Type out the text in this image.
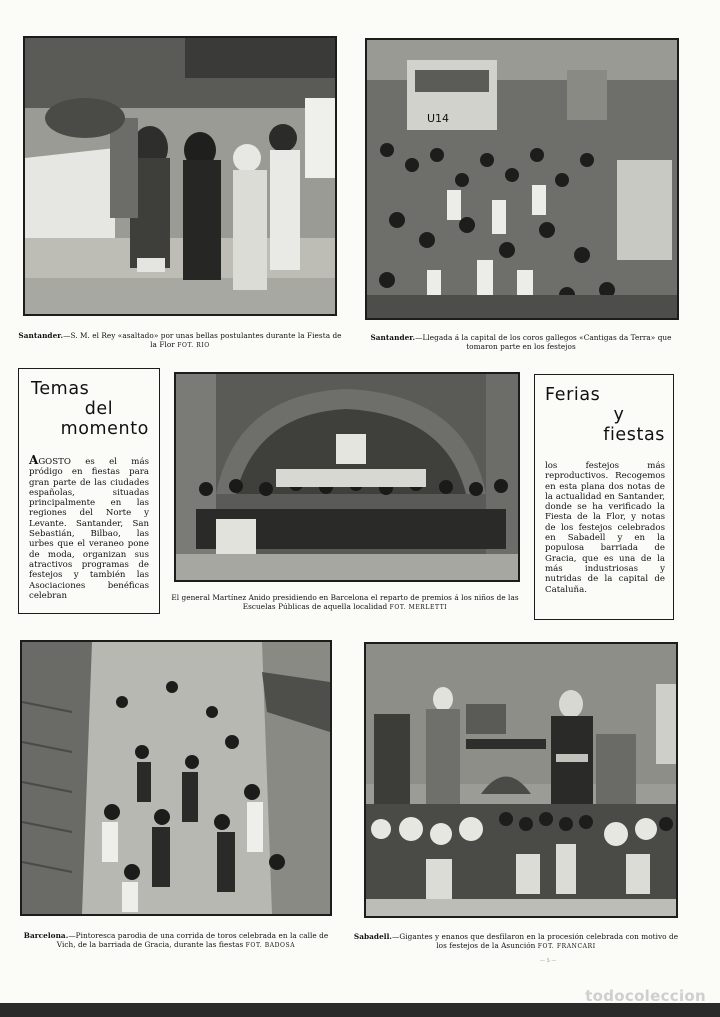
Santander.—S. M. el Rey «asaltado» por unas bellas postulantes durante la Fiesta de la Flor FOT. RIO
U14
Santander.—Llegada á la capital de los coros gallegos «Cantigas da Terra» que tomaron parte en los festejos
Temas
del
momento
AGOSTO es el más pródigo en fiestas para gran parte de las ciudades españolas, situadas principalmente en las regiones del Norte y Levante. Santander, San Sebastián, Bilbao, las urbes que el veraneo pone de moda, organizan sus atractivos programas de festejos y también las Asociaciones benéficas celebran	El general Martínez Anido presidiendo en Barcelona el reparto de premios á los niños de las Escuelas Públicas de aquella localidad FOT. MERLETTI
Ferias
y
fiestas
los festejos más reproductivos. Recogemos en esta plana dos notas de la actualidad en Santander, donde se ha verificado la Fiesta de la Flor, y notas de los festejos celebrados en Sabadell y en la populosa barriada de Gracia, que es una de la más industriosas y nutridas de la capital de Cataluña.
Barcelona.—Pintoresca parodia de una corrida de toros celebrada en la calle de Vich, de la barriada de Gracia, durante las fiestas FOT. BADOSA
Sabadell.—Gigantes y enanos que desfilaron en la procesión celebrada con motivo de los festejos de la Asunción FOT. FRANCARI
— 5 —
todocoleccion
